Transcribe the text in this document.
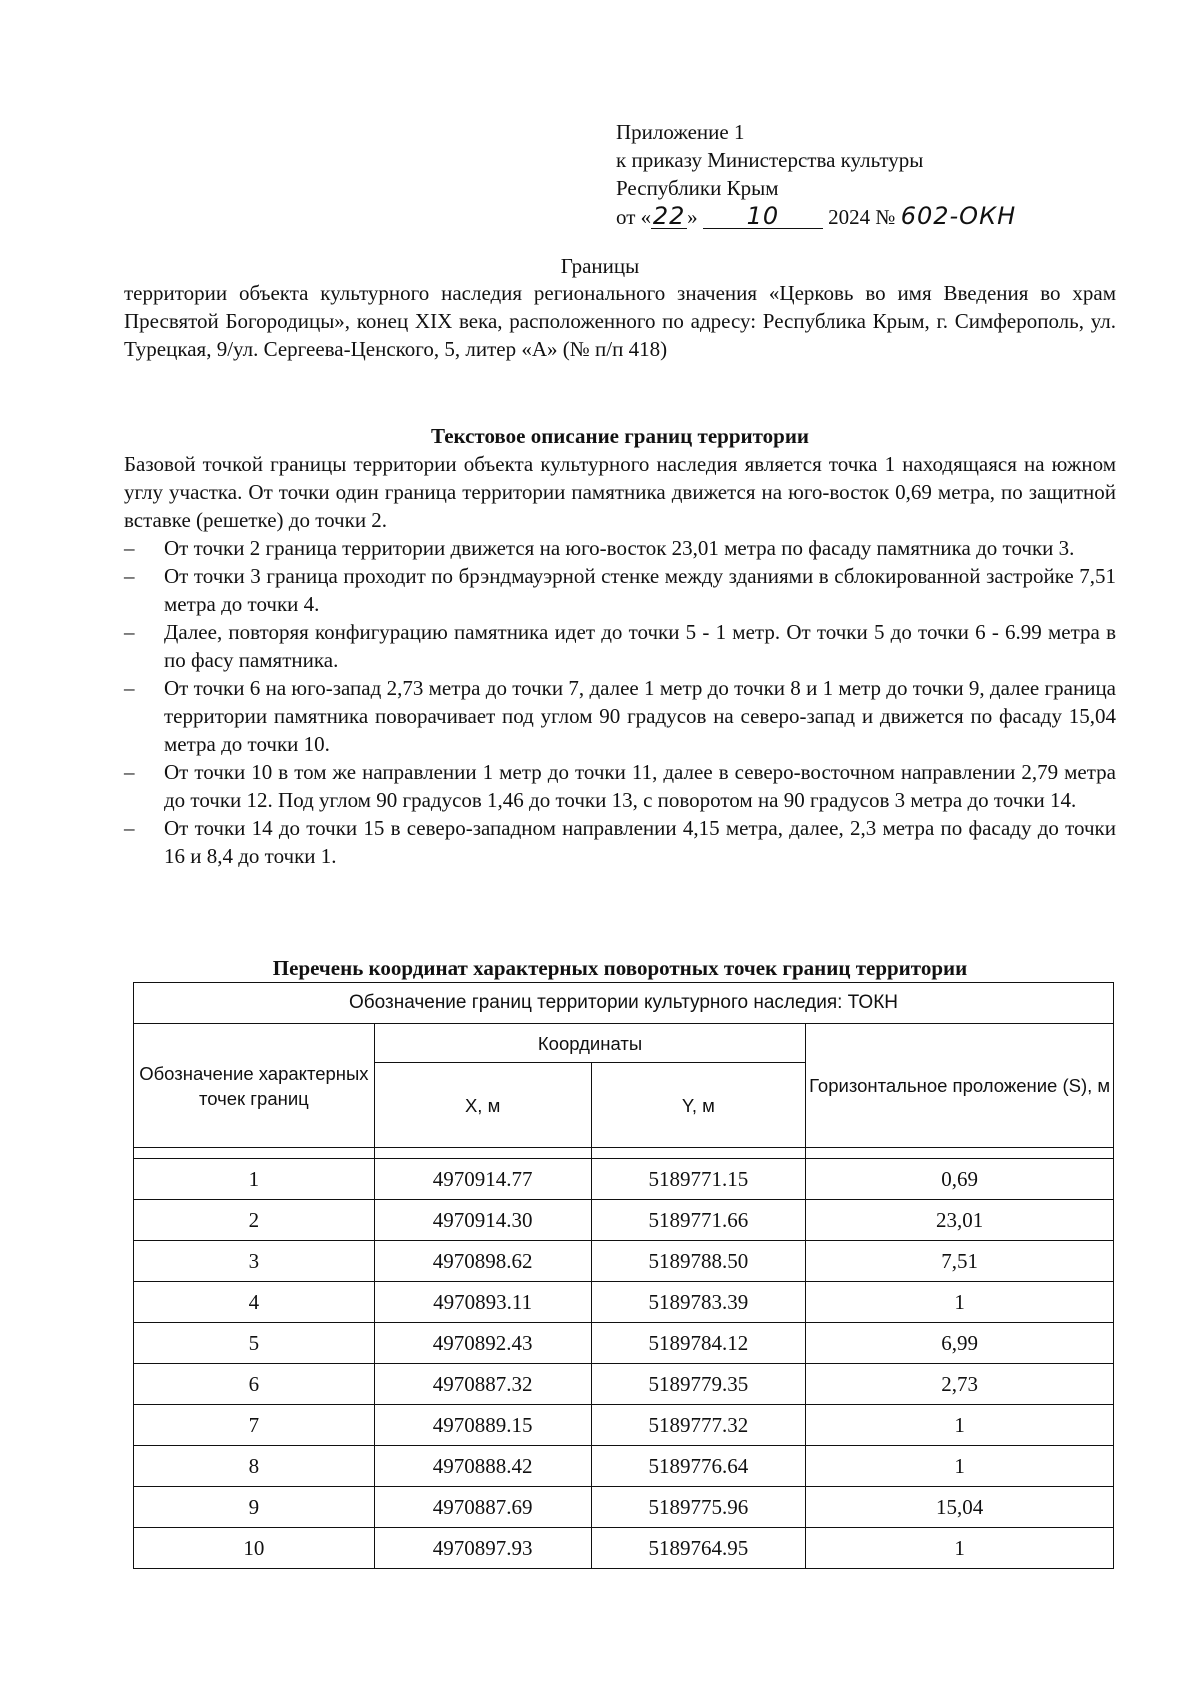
Приложение 1
к приказу Министерства культуры
Республики Крым
от «22» 10 2024 № 602-ОКН
Границы
территории объекта культурного наследия регионального значения «Церковь во имя Введения во храм Пресвятой Богородицы», конец XIX века, расположенного по адресу: Республика Крым, г. Симферополь, ул. Турецкая, 9/ул. Сергеева-Ценского, 5, литер «А» (№ п/п 418)
Текстовое описание границ территории
Базовой точкой границы территории объекта культурного наследия является точка 1 находящаяся на южном углу участка. От точки один граница территории памятника движется на юго-восток 0,69 метра, по защитной вставке (решетке) до точки 2.
– От точки 2 граница территории движется на юго-восток 23,01 метра по фасаду памятника до точки 3.
– От точки 3 граница проходит по брэндмауэрной стенке между зданиями в сблокированной застройке 7,51 метра до точки 4.
– Далее, повторяя конфигурацию памятника идет до точки 5 - 1 метр. От точки 5 до точки 6 - 6.99 метра в по фасу памятника.
– От точки 6 на юго-запад 2,73 метра до точки 7, далее 1 метр до точки 8 и 1 метр до точки 9, далее граница территории памятника поворачивает под углом 90 градусов на северо-запад и движется по фасаду 15,04 метра до точки 10.
– От точки 10 в том же направлении 1 метр до точки 11, далее в северо-восточном направлении 2,79 метра до точки 12. Под углом 90 градусов 1,46 до точки 13, с поворотом на 90 градусов 3 метра до точки 14.
– От точки 14 до точки 15 в северо-западном направлении 4,15 метра, далее, 2,3 метра по фасаду до точки 16 и 8,4 до точки 1.
Перечень координат характерных поворотных точек границ территории
Обозначение границ территории культурного наследия: ТОКН			
Обозначение характерных точек границ	Координаты		Горизонтальное проложение (S), м
	X, м	Y, м	

1	4970914.77	5189771.15	0,69
2	4970914.30	5189771.66	23,01
3	4970898.62	5189788.50	7,51
4	4970893.11	5189783.39	1
5	4970892.43	5189784.12	6,99
6	4970887.32	5189779.35	2,73
7	4970889.15	5189777.32	1
8	4970888.42	5189776.64	1
9	4970887.69	5189775.96	15,04
10	4970897.93	5189764.95	1
